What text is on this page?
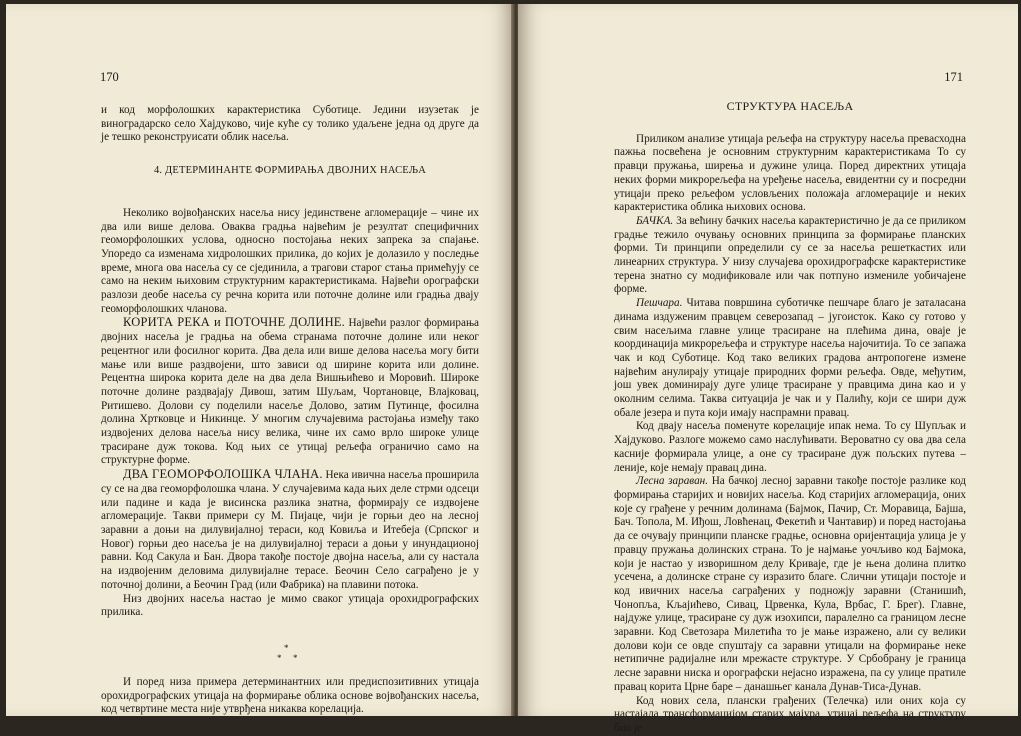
170

и код морфолошких карактеристика Суботице. Једини изузетак је виноградарско село Хајдуково, чије куће су толико удаљене једна од друге да је тешко реконструисати облик насеља.

4. ДЕТЕРМИНАНТЕ ФОРМИРАЊА ДВОЈНИХ НАСЕЉА

Неколико војвођанских насеља нису јединствене агломерације – чине их два или више делова. Оваква градња највећим је резултат специфичних геоморфолошких услова, односно постојања неких запрека за спајање. Упоредо са изменама хидролошких прилика, до којих је долазило у последње време, многа ова насеља су се сјединила, а трагови старог стања примећују се само на неким њиховим структурним карактеристикама. Највећи орографски разлози деобе насеља су речна корита или поточне долине или градња двају геоморфолошких чланова.

КОРИТА РЕКА и ПОТОЧНЕ ДОЛИНЕ. Највећи разлог формирања двојних насеља је градња на обема странама поточне долине или неког рецентног или фосилног корита. Два дела или више делова насеља могу бити мање или више раздвојени, што зависи од ширине корита или долине. Рецентна широка корита деле на два дела Вишњићево и Моровић. Широке поточне долине раздвајају Дивош, затим Шуљам, Чортановце, Влајковац, Ритишево. Долови су поделили насеље Долово, затим Путинце, фосилна долина Хртковце и Никинце. У многим случајевима растојања између тако издвојених делова насеља нису велика, чине их само врло широке улице трасиране дуж токова. Код њих се утицај рељефа ограничио само на структурне форме.

ДВА ГЕОМОРФОЛОШКА ЧЛАНА. Нека ивична насеља проширила су се на два геоморфолошка члана. У случајевима када њих деле стрми одсеци или падине и када је висинска разлика знатна, формирају се издвојене агломерације. Такви примери су М. Пијаце, чији је горњи део на лесној заравни а доњи на дилувијалној тераси, код Ковиља и Итебеја (Српског и Новог) горњи део насеља је на дилувијалној тераси а доњи у инундационој равни. Код Сакула и Бан. Двора такође постоје двојна насеља, али су настала на издвојеним деловима дилувијалне терасе. Беочин Село саграђено је у поточној долини, а Беочин Град (или Фабрика) на плавини потока.

Низ двојних насеља настао је мимо сваког утицаја орохидрографских прилика.

*
* *

И поред низа примера детерминантних или предиспозитивних утицаја орохидрографских утицаја на формирање облика основе војвођанских насеља, код четвртине места није утврђена никаква корелација.

171

СТРУКТУРА НАСЕЉА

Приликом анализе утицаја рељефа на структуру насеља превасходна пажња посвећена је основним структурним карактеристикама То су правци пружања, ширења и дужине улица. Поред директних утицаја неких форми микрорељефа на уређење насеља, евидентни су и посредни утицаји преко рељефом условљених положаја агломерације и неких карактеристика облика њихових основа.

БАЧКА. За већину бачких насеља карактеристично је да се приликом градње тежило очувању основних принципа за формирање планских форми. Ти принципи определили су се за насеља решеткастих или линеарних структура. У низу случајева орохидрографске карактеристике терена знатно су модификовале или чак потпуно измениле уобичајене форме.

Пешчара. Читава површина суботичке пешчаре благо је заталасана динама издуженим правцем северозапад – југоисток. Како су готово у свим насељима главне улице трасиране на плећима дина, оваје је координација микрорељефа и структуре насеља најочитија. То се запажа чак и код Суботице. Код тако великих градова антропогене измене највећим анулирају утицаје природних форми рељефа. Овде, међутим, још увек доминирају дуге улице трасиране у правцима дина као и у околним селима. Таква ситуација је чак и у Палићу, који се шири дуж обале језера и пута који имају наспрамни правац.

Код двају насеља поменуте корелације ипак нема. То су Шупљак и Хајдуково. Разлоге можемо само наслућивати. Вероватно су ова два села касније формирала улице, а оне су трасиране дуж пољских путева – леније, које немају правац дина.

Лесна зараван. На бачкој лесној заравни такође постоје разлике код формирања старијих и новијих насеља. Код старијих агломерација, оних које су грађене у речним долинама (Бајмок, Пачир, Ст. Моравица, Бајша, Бач. Топола, М. Иђош, Ловћенац, Фекетић и Чантавир) и поред настојања да се очувају принципи планске градње, основна оријентација улица је у правцу пружања долинских страна. То је најмање уочљиво код Бајмока, који је настао у изворишном делу Криваје, где је њена долина плитко усечена, а долинске стране су изразито благе. Слични утицаји постоје и код ивичних насеља саграђених у подножју заравни (Станишић, Чонопља, Кљајићево, Сивац, Црвенка, Кула, Врбас, Г. Брег). Главне, најдуже улице, трасиране су дуж изохипси, паралелно са границом лесне заравни. Код Светозара Милетића то је мање изражено, али су велики долови који се овде спуштају са заравни утицали на формирање неке нетипичне радијалне или мрежасте структуре. У Србобрану је граница лесне заравни ниска и орографски нејасно изражена, па су улице пратиле правац корита Црне баре – данашњег канала Дунав-Тиса-Дунав.

Код нових села, плански грађених (Телечка) или оних која су настајала трансформацијом старих мајура, утицај рељефа на структуру био је
